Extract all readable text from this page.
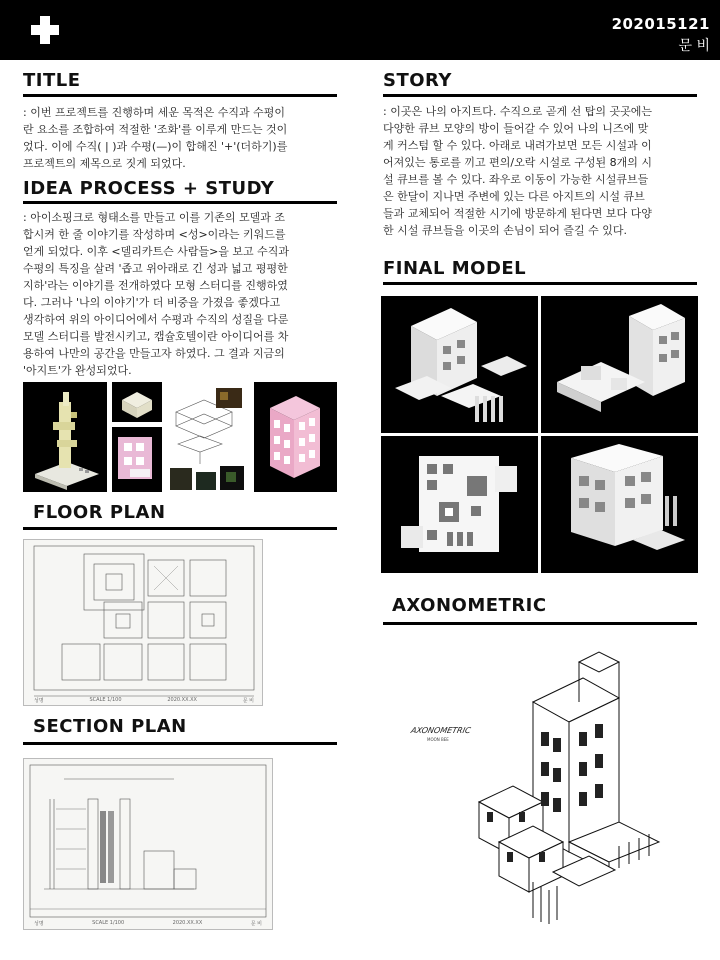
202015121
문 비
TITLE
: 이번 프로젝트를 진행하며 세운 목적은 수직과 수평이
란 요소를 조합하여 적절한 '조화'를 이루게 만드는 것이
었다. 이에 수직( | )과 수평(—)이 합해진 '+'(더하기)를
프로젝트의 제목으로 짓게 되었다.
IDEA PROCESS + STUDY
: 아이소핑크로 형태소를 만들고 이를 기존의 모델과 조
합시켜 한 줄 이야기를 작성하며 <성>이라는 키워드를
얻게 되었다. 이후 <델리카트슨 사람들>을 보고 수직과
수평의 특징을 살려 '좁고 위아래로 긴 성과 넓고 평평한
지하'라는 이야기를 전개하였다 모형 스터디를 진행하였
다. 그러나 '나의 이야기'가 더 비중을 가졌음 좋겠다고
생각하여 위의 아이디어에서 수평과 수직의 성질을 다룬
모델 스터디를 발전시키고, 캡슐호텔이란 아이디어를 차
용하여 나만의 공간을 만들고자 하였다. 그 결과 지금의
'아지트'가 완성되었다.
FLOOR PLAN
성명	SCALE 1/100	2020.XX.XX	문 비
SECTION PLAN
성명	SCALE 1/100	2020.XX.XX	문 비
STORY
: 이곳은 나의 아지트다. 수직으로 곧게 선 탑의 곳곳에는
다양한 큐브 모양의 방이 들어갈 수 있어 나의 니즈에 맞
게 커스텀 할 수 있다. 아래로 내려가보면 모든 시설과 이
어져있는 통로를 끼고 편의/오락 시설로 구성된 8개의 시
설 큐브를 볼 수 있다. 좌우로 이동이 가능한 시설큐브들
은 한달이 지나면 주변에 있는 다른 아지트의 시설 큐브
들과 교체되어 적절한 시기에 방문하게 된다면 보다 다양
한 시설 큐브들을 이곳의 손님이 되어 즐길 수 있다.
FINAL MODEL
AXONOMETRIC
AXONOMETRIC
MOON BEE
